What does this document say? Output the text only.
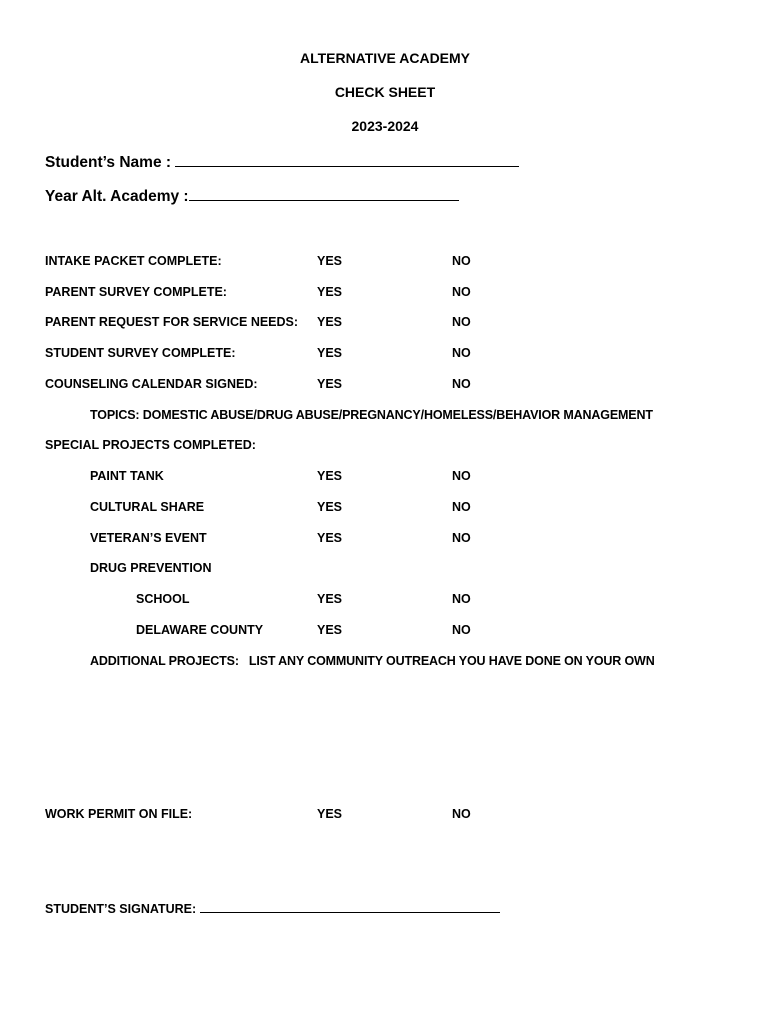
ALTERNATIVE ACADEMY
CHECK SHEET
2023-2024
Student’s Name :
Year Alt. Academy :
INTAKE PACKET COMPLETE:	YES	NO
PARENT SURVEY COMPLETE:	YES	NO
PARENT REQUEST FOR SERVICE NEEDS: YES	NO
STUDENT SURVEY COMPLETE:	YES	NO
COUNSELING CALENDAR SIGNED:	YES	NO
TOPICS: DOMESTIC ABUSE/DRUG ABUSE/PREGNANCY/HOMELESS/BEHAVIOR MANAGEMENT
SPECIAL PROJECTS COMPLETED:
PAINT TANK	YES	NO
CULTURAL SHARE	YES	NO
VETERAN’S EVENT	YES	NO
DRUG PREVENTION
SCHOOL	YES	NO
DELAWARE COUNTY	YES	NO
ADDITIONAL PROJECTS:   LIST ANY COMMUNITY OUTREACH YOU HAVE DONE ON YOUR OWN
WORK PERMIT ON FILE:	YES	NO
STUDENT’S SIGNATURE:
